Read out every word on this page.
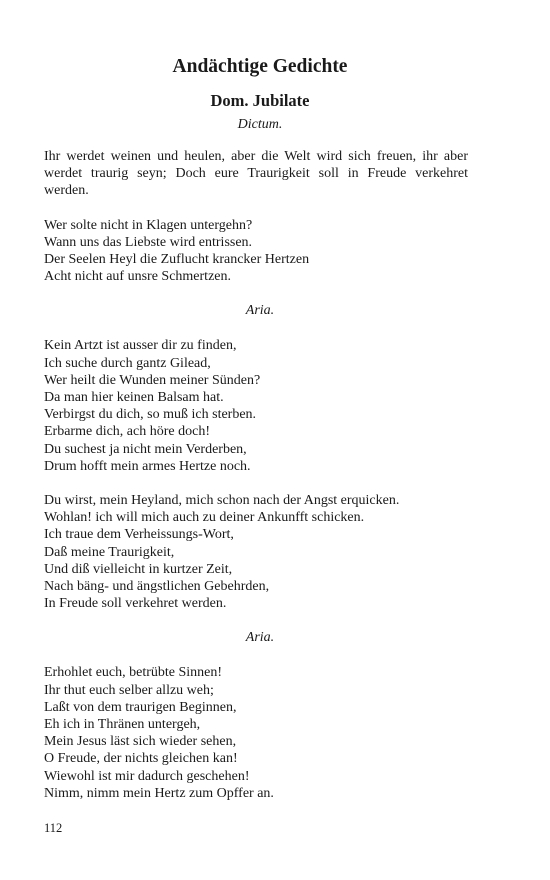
Andächtige Gedichte
Dom. Jubilate
Dictum.

Ihr werdet weinen und heulen, aber die Welt wird sich freuen, ihr aber werdet traurig seyn; Doch eure Traurigkeit soll in Freude verkehret werden.

Wer solte nicht in Klagen untergehn?
Wann uns das Liebste wird entrissen.
Der Seelen Heyl die Zuflucht krancker Hertzen
Acht nicht auf unsre Schmertzen.
Aria.
Kein Artzt ist ausser dir zu finden,
Ich suche durch gantz Gilead,
Wer heilt die Wunden meiner Sünden?
Da man hier keinen Balsam hat.
Verbirgst du dich, so muß ich sterben.
Erbarme dich, ach höre doch!
Du suchest ja nicht mein Verderben,
Drum hofft mein armes Hertze noch.
Du wirst, mein Heyland, mich schon nach der Angst erquicken.
Wohlan! ich will mich auch zu deiner Ankunfft schicken.
Ich traue dem Verheissungs-Wort,
Daß meine Traurigkeit,
Und diß vielleicht in kurtzer Zeit,
Nach bäng- und ängstlichen Gebehrden,
In Freude soll verkehret werden.
Aria.
Erhohlet euch, betrübte Sinnen!
Ihr thut euch selber allzu weh;
Laßt von dem traurigen Beginnen,
Eh ich in Thränen untergeh,
Mein Jesus läst sich wieder sehen,
O Freude, der nichts gleichen kan!
Wiewohl ist mir dadurch geschehen!
Nimm, nimm mein Hertz zum Opffer an.
112
